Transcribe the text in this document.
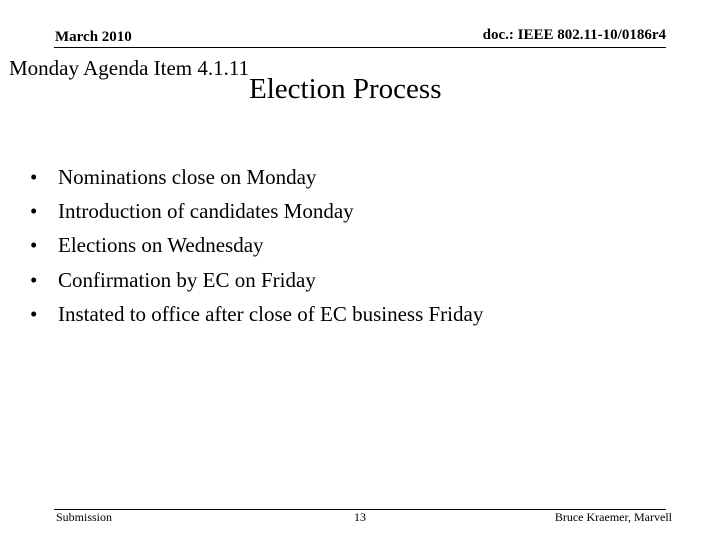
March 2010	doc.: IEEE 802.11-10/0186r4
Monday Agenda Item 4.1.11
Election Process
• Nominations close on Monday
• Introduction of candidates Monday
• Elections on Wednesday
• Confirmation by EC on Friday
• Instated to office after close of EC business Friday
Submission	13	Bruce Kraemer, Marvell
